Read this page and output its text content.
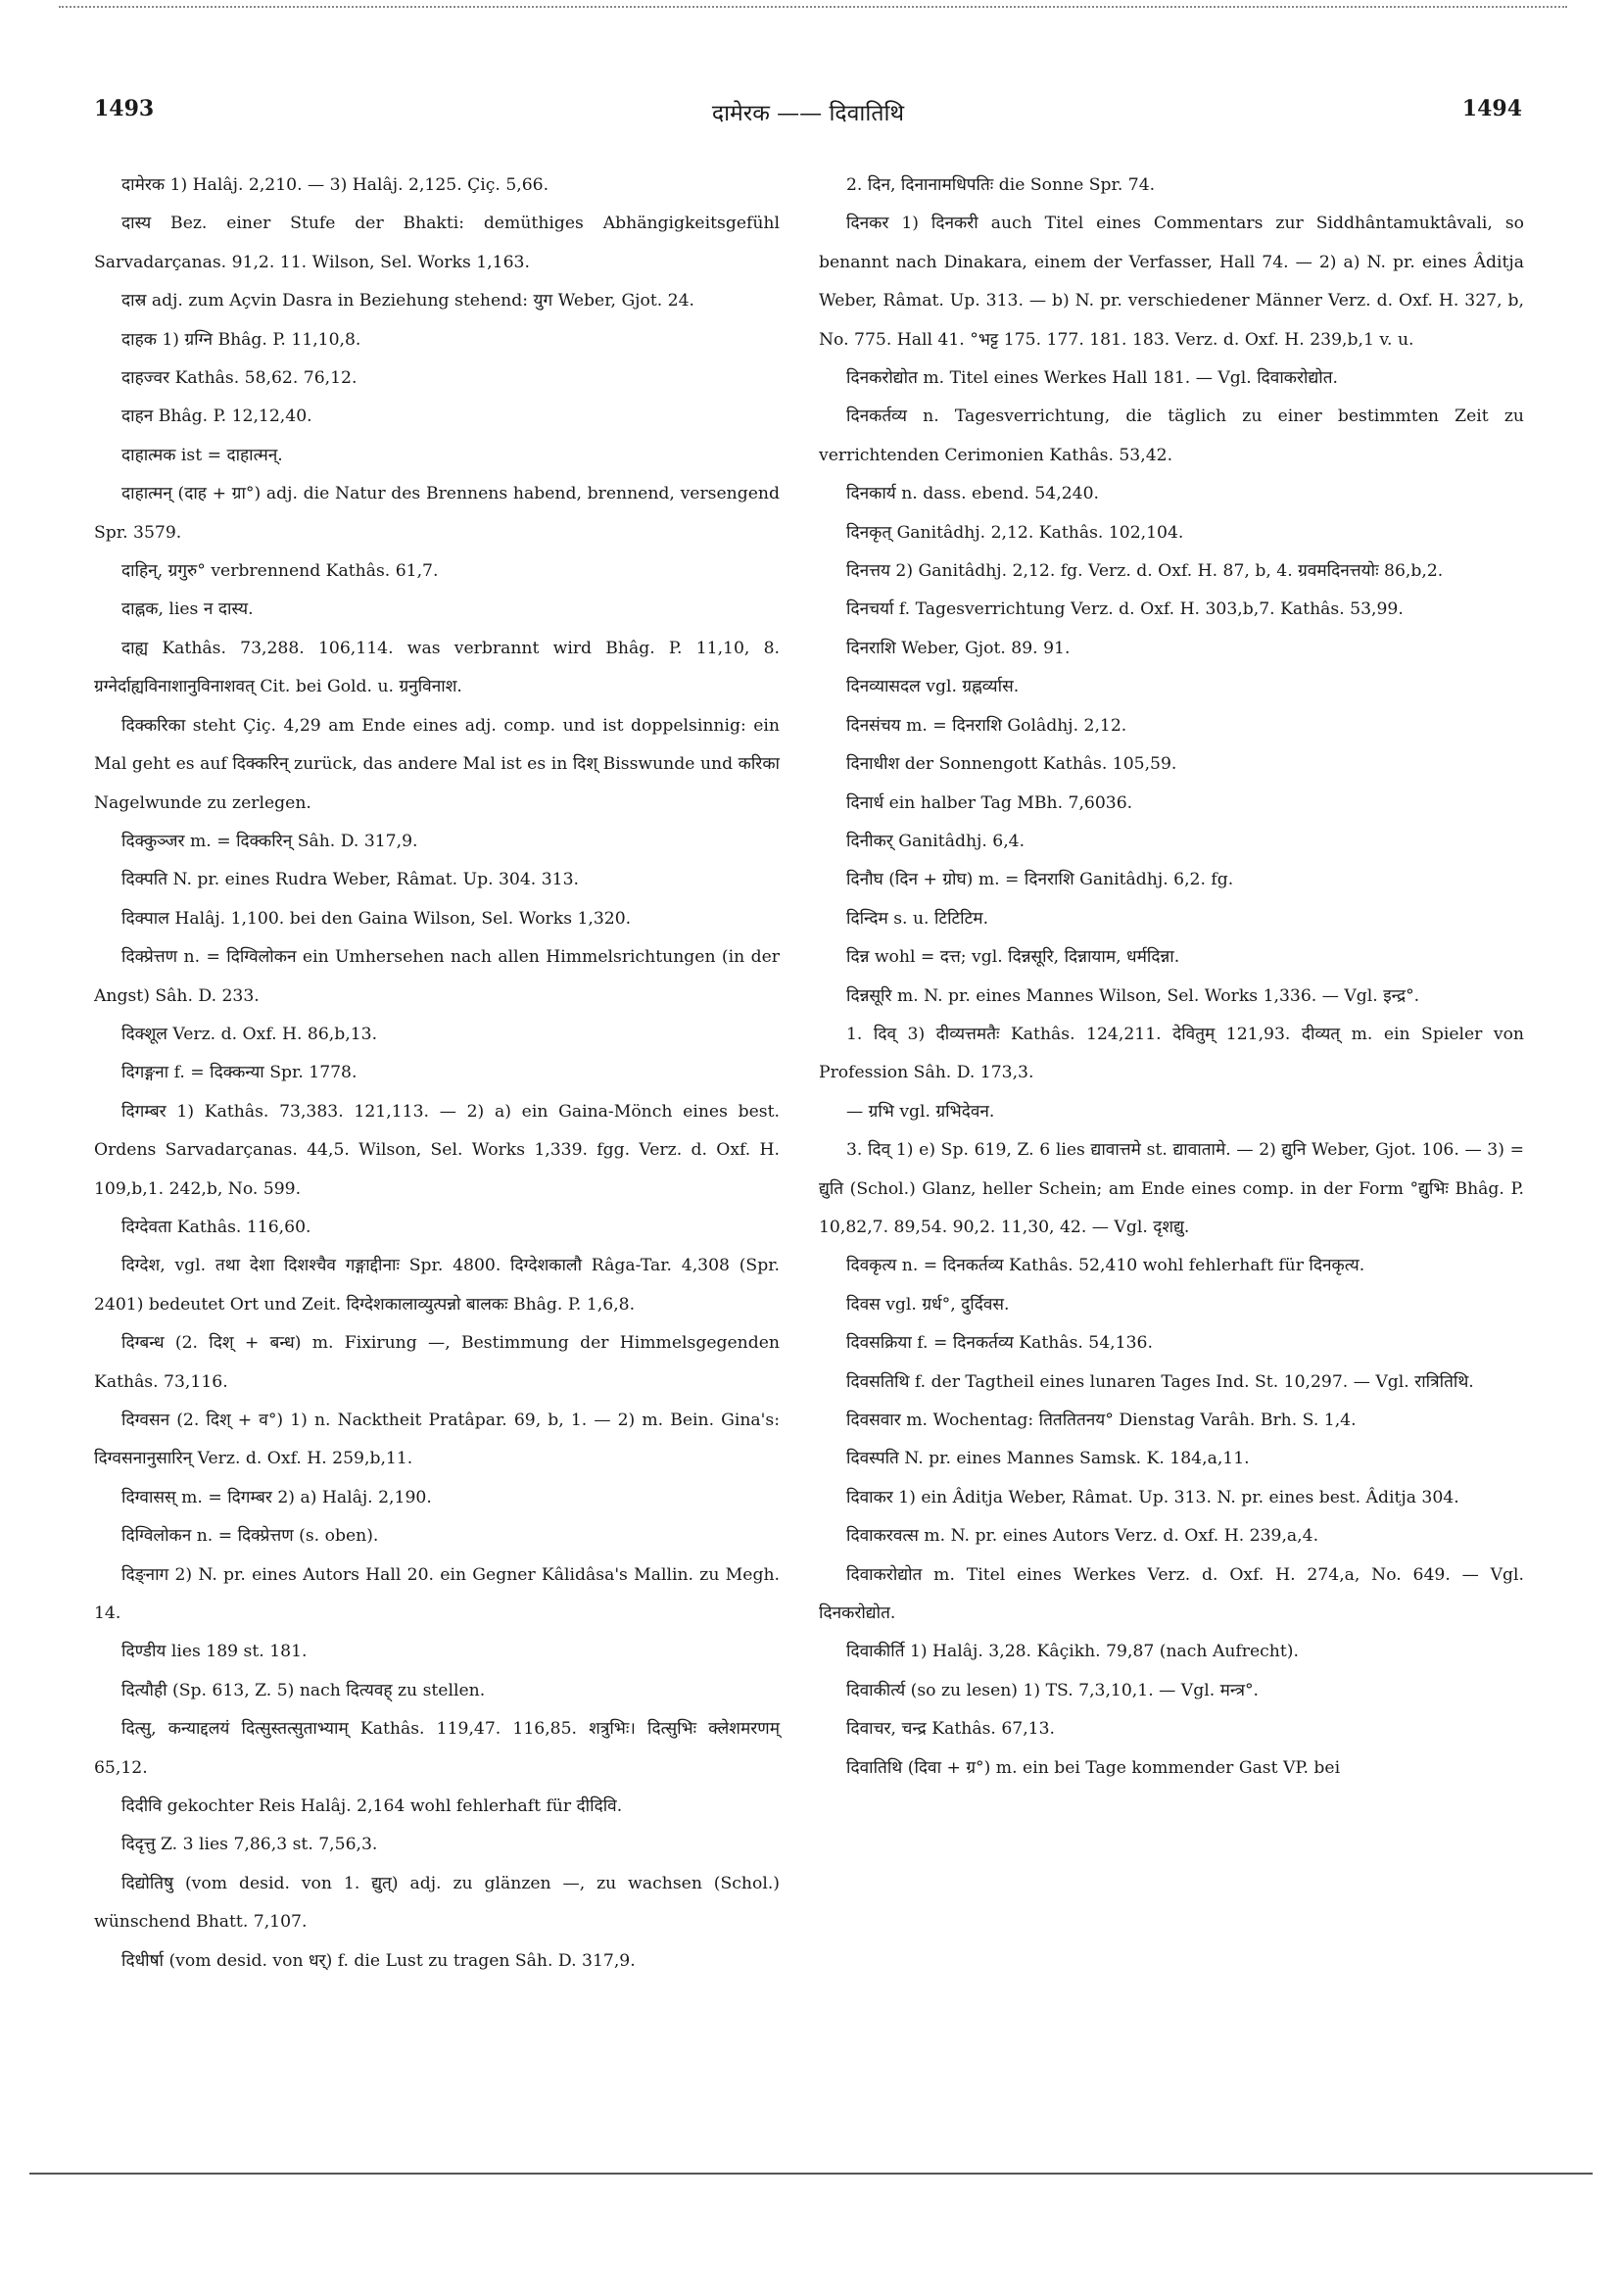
1493	दामेरक —— दिवातिथि	1494
दामेरक 1) Halâj. 2,210. — 3) Halâj. 2,125. Çiç. 5,66.
दास्य Bez. einer Stufe der Bhakti: demüthiges Abhängigkeitsgefühl Sarvadarçanas. 91,2. 11. Wilson, Sel. Works 1,163.
दास्र adj. zum Açvin Dasra in Beziehung stehend: युग Weber, Gjot. 24.
दाहक 1) ग्रग्नि Bhâg. P. 11,10,8.
दाहज्वर Kathâs. 58,62. 76,12.
दाहन Bhâg. P. 12,12,40.
दाहात्मक ist = दाहात्मन्.
दाहात्मन् (दाह + ग्रा°) adj. die Natur des Brennens habend, brennend, versengend Spr. 3579.
दाहिन्, ग्रगुरु° verbrennend Kathâs. 61,7.
दाह्नक, lies न दास्य.
दाह्य Kathâs. 73,288. 106,114. was verbrannt wird Bhâg. P. 11,10, 8. ग्रग्नेर्दाह्यविनाशानुविनाशवत् Cit. bei Gold. u. ग्रनुविनाश.
दिक्करिका steht Çiç. 4,29 am Ende eines adj. comp. und ist doppelsinnig: ein Mal geht es auf दिक्करिन् zurück, das andere Mal ist es in दिश् Bisswunde und करिका Nagelwunde zu zerlegen.
दिक्कुञ्जर m. = दिक्करिन् Sâh. D. 317,9.
दिक्पति N. pr. eines Rudra Weber, Râmat. Up. 304. 313.
दिक्पाल Halâj. 1,100. bei den Gaina Wilson, Sel. Works 1,320.
दिक्प्रेत्तण n. = दिग्विलोकन ein Umhersehen nach allen Himmelsrichtungen (in der Angst) Sâh. D. 233.
दिक्शूल Verz. d. Oxf. H. 86,b,13.
दिगङ्गना f. = दिक्कन्या Spr. 1778.
दिगम्बर 1) Kathâs. 73,383. 121,113. — 2) a) ein Gaina-Mönch eines best. Ordens Sarvadarçanas. 44,5. Wilson, Sel. Works 1,339. fgg. Verz. d. Oxf. H. 109,b,1. 242,b, No. 599.
दिग्देवता Kathâs. 116,60.
दिग्देश, vgl. तथा देशा दिशश्चैव गङ्गाद्दीनाः Spr. 4800. दिग्देशकालौ Râga-Tar. 4,308 (Spr. 2401) bedeutet Ort und Zeit. दिग्देशकालाव्युत्पन्नो बालकः Bhâg. P. 1,6,8.
दिग्बन्ध (2. दिश् + बन्ध) m. Fixirung —, Bestimmung der Himmelsgegenden Kathâs. 73,116.
दिग्वसन (2. दिश् + व°) 1) n. Nacktheit Pratâpar. 69, b, 1. — 2) m. Bein. Gina's: दिग्वसनानुसारिन् Verz. d. Oxf. H. 259,b,11.
दिग्वासस् m. = दिगम्बर 2) a) Halâj. 2,190.
दिग्विलोकन n. = दिक्प्रेत्तण (s. oben).
दिङ्नाग 2) N. pr. eines Autors Hall 20. ein Gegner Kâlidâsa's Mallin. zu Megh. 14.
दिण्डीय lies 189 st. 181.
दित्यौही (Sp. 613, Z. 5) nach दित्यवह् zu stellen.
दित्सु, कन्याद्दलयं दित्सुस्तत्सुताभ्याम् Kathâs. 119,47. 116,85. शत्रुभिः। दित्सुभिः क्लेशमरणम् 65,12.
दिदीवि gekochter Reis Halâj. 2,164 wohl fehlerhaft für दीदिवि.
दिदृत्तु Z. 3 lies 7,86,3 st. 7,56,3.
दिद्योतिषु (vom desid. von 1. द्युत्) adj. zu glänzen —, zu wachsen (Schol.) wünschend Bhatt. 7,107.
दिधीर्षा (vom desid. von धर्) f. die Lust zu tragen Sâh. D. 317,9.
2. दिन, दिनानामधिपतिः die Sonne Spr. 74.
दिनकर 1) दिनकरी auch Titel eines Commentars zur Siddhântamuktâvali, so benannt nach Dinakara, einem der Verfasser, Hall 74. — 2) a) N. pr. eines Âditja Weber, Râmat. Up. 313. — b) N. pr. verschiedener Männer Verz. d. Oxf. H. 327, b, No. 775. Hall 41. °भट्ट 175. 177. 181. 183. Verz. d. Oxf. H. 239,b,1 v. u.
दिनकरोद्योत m. Titel eines Werkes Hall 181. — Vgl. दिवाकरोद्योत.
दिनकर्तव्य n. Tagesverrichtung, die täglich zu einer bestimmten Zeit zu verrichtenden Cerimonien Kathâs. 53,42.
दिनकार्य n. dass. ebend. 54,240.
दिनकृत् Ganitâdhj. 2,12. Kathâs. 102,104.
दिनत्तय 2) Ganitâdhj. 2,12. fg. Verz. d. Oxf. H. 87, b, 4. ग्रवमदिनत्तयोः 86,b,2.
दिनचर्या f. Tagesverrichtung Verz. d. Oxf. H. 303,b,7. Kathâs. 53,99.
दिनराशि Weber, Gjot. 89. 91.
दिनव्यासदल vgl. ग्रह्नर्व्यास.
दिनसंचय m. = दिनराशि Golâdhj. 2,12.
दिनाधीश der Sonnengott Kathâs. 105,59.
दिनार्ध ein halber Tag MBh. 7,6036.
दिनीकर् Ganitâdhj. 6,4.
दिनौघ (दिन + ग्रोघ) m. = दिनराशि Ganitâdhj. 6,2. fg.
दिन्दिम s. u. टिटिटिम.
दिन्न wohl = दत्त; vgl. दिन्नसूरि, दिन्नायाम, धर्मदिन्ना.
दिन्नसूरि m. N. pr. eines Mannes Wilson, Sel. Works 1,336. — Vgl. इन्द्र°.
1. दिव् 3) दीव्यत्तमतैः Kathâs. 124,211. देवितुम् 121,93. दीव्यत् m. ein Spieler von Profession Sâh. D. 173,3.
— ग्रभि vgl. ग्रभिदेवन.
3. दिव् 1) e) Sp. 619, Z. 6 lies द्यावात्तमे st. द्यावातामे. — 2) द्युनि Weber, Gjot. 106. — 3) = द्युति (Schol.) Glanz, heller Schein; am Ende eines comp. in der Form °द्युभिः Bhâg. P. 10,82,7. 89,54. 90,2. 11,30, 42. — Vgl. दृशद्यु.
दिवकृत्य n. = दिनकर्तव्य Kathâs. 52,410 wohl fehlerhaft für दिनकृत्य.
दिवस vgl. ग्रर्ध°, दुर्दिवस.
दिवसक्रिया f. = दिनकर्तव्य Kathâs. 54,136.
दिवसतिथि f. der Tagtheil eines lunaren Tages Ind. St. 10,297. — Vgl. रात्रितिथि.
दिवसवार m. Wochentag: तिततितनय° Dienstag Varâh. Brh. S. 1,4.
दिवस्पति N. pr. eines Mannes Samsk. K. 184,a,11.
दिवाकर 1) ein Âditja Weber, Râmat. Up. 313. N. pr. eines best. Âditja 304.
दिवाकरवत्स m. N. pr. eines Autors Verz. d. Oxf. H. 239,a,4.
दिवाकरोद्योत m. Titel eines Werkes Verz. d. Oxf. H. 274,a, No. 649. — Vgl. दिनकरोद्योत.
दिवाकीर्ति 1) Halâj. 3,28. Kâçikh. 79,87 (nach Aufrecht).
दिवाकीर्त्य (so zu lesen) 1) TS. 7,3,10,1. — Vgl. मन्त्र°.
दिवाचर, चन्द्र Kathâs. 67,13.
दिवातिथि (दिवा + ग्र°) m. ein bei Tage kommender Gast VP. bei
